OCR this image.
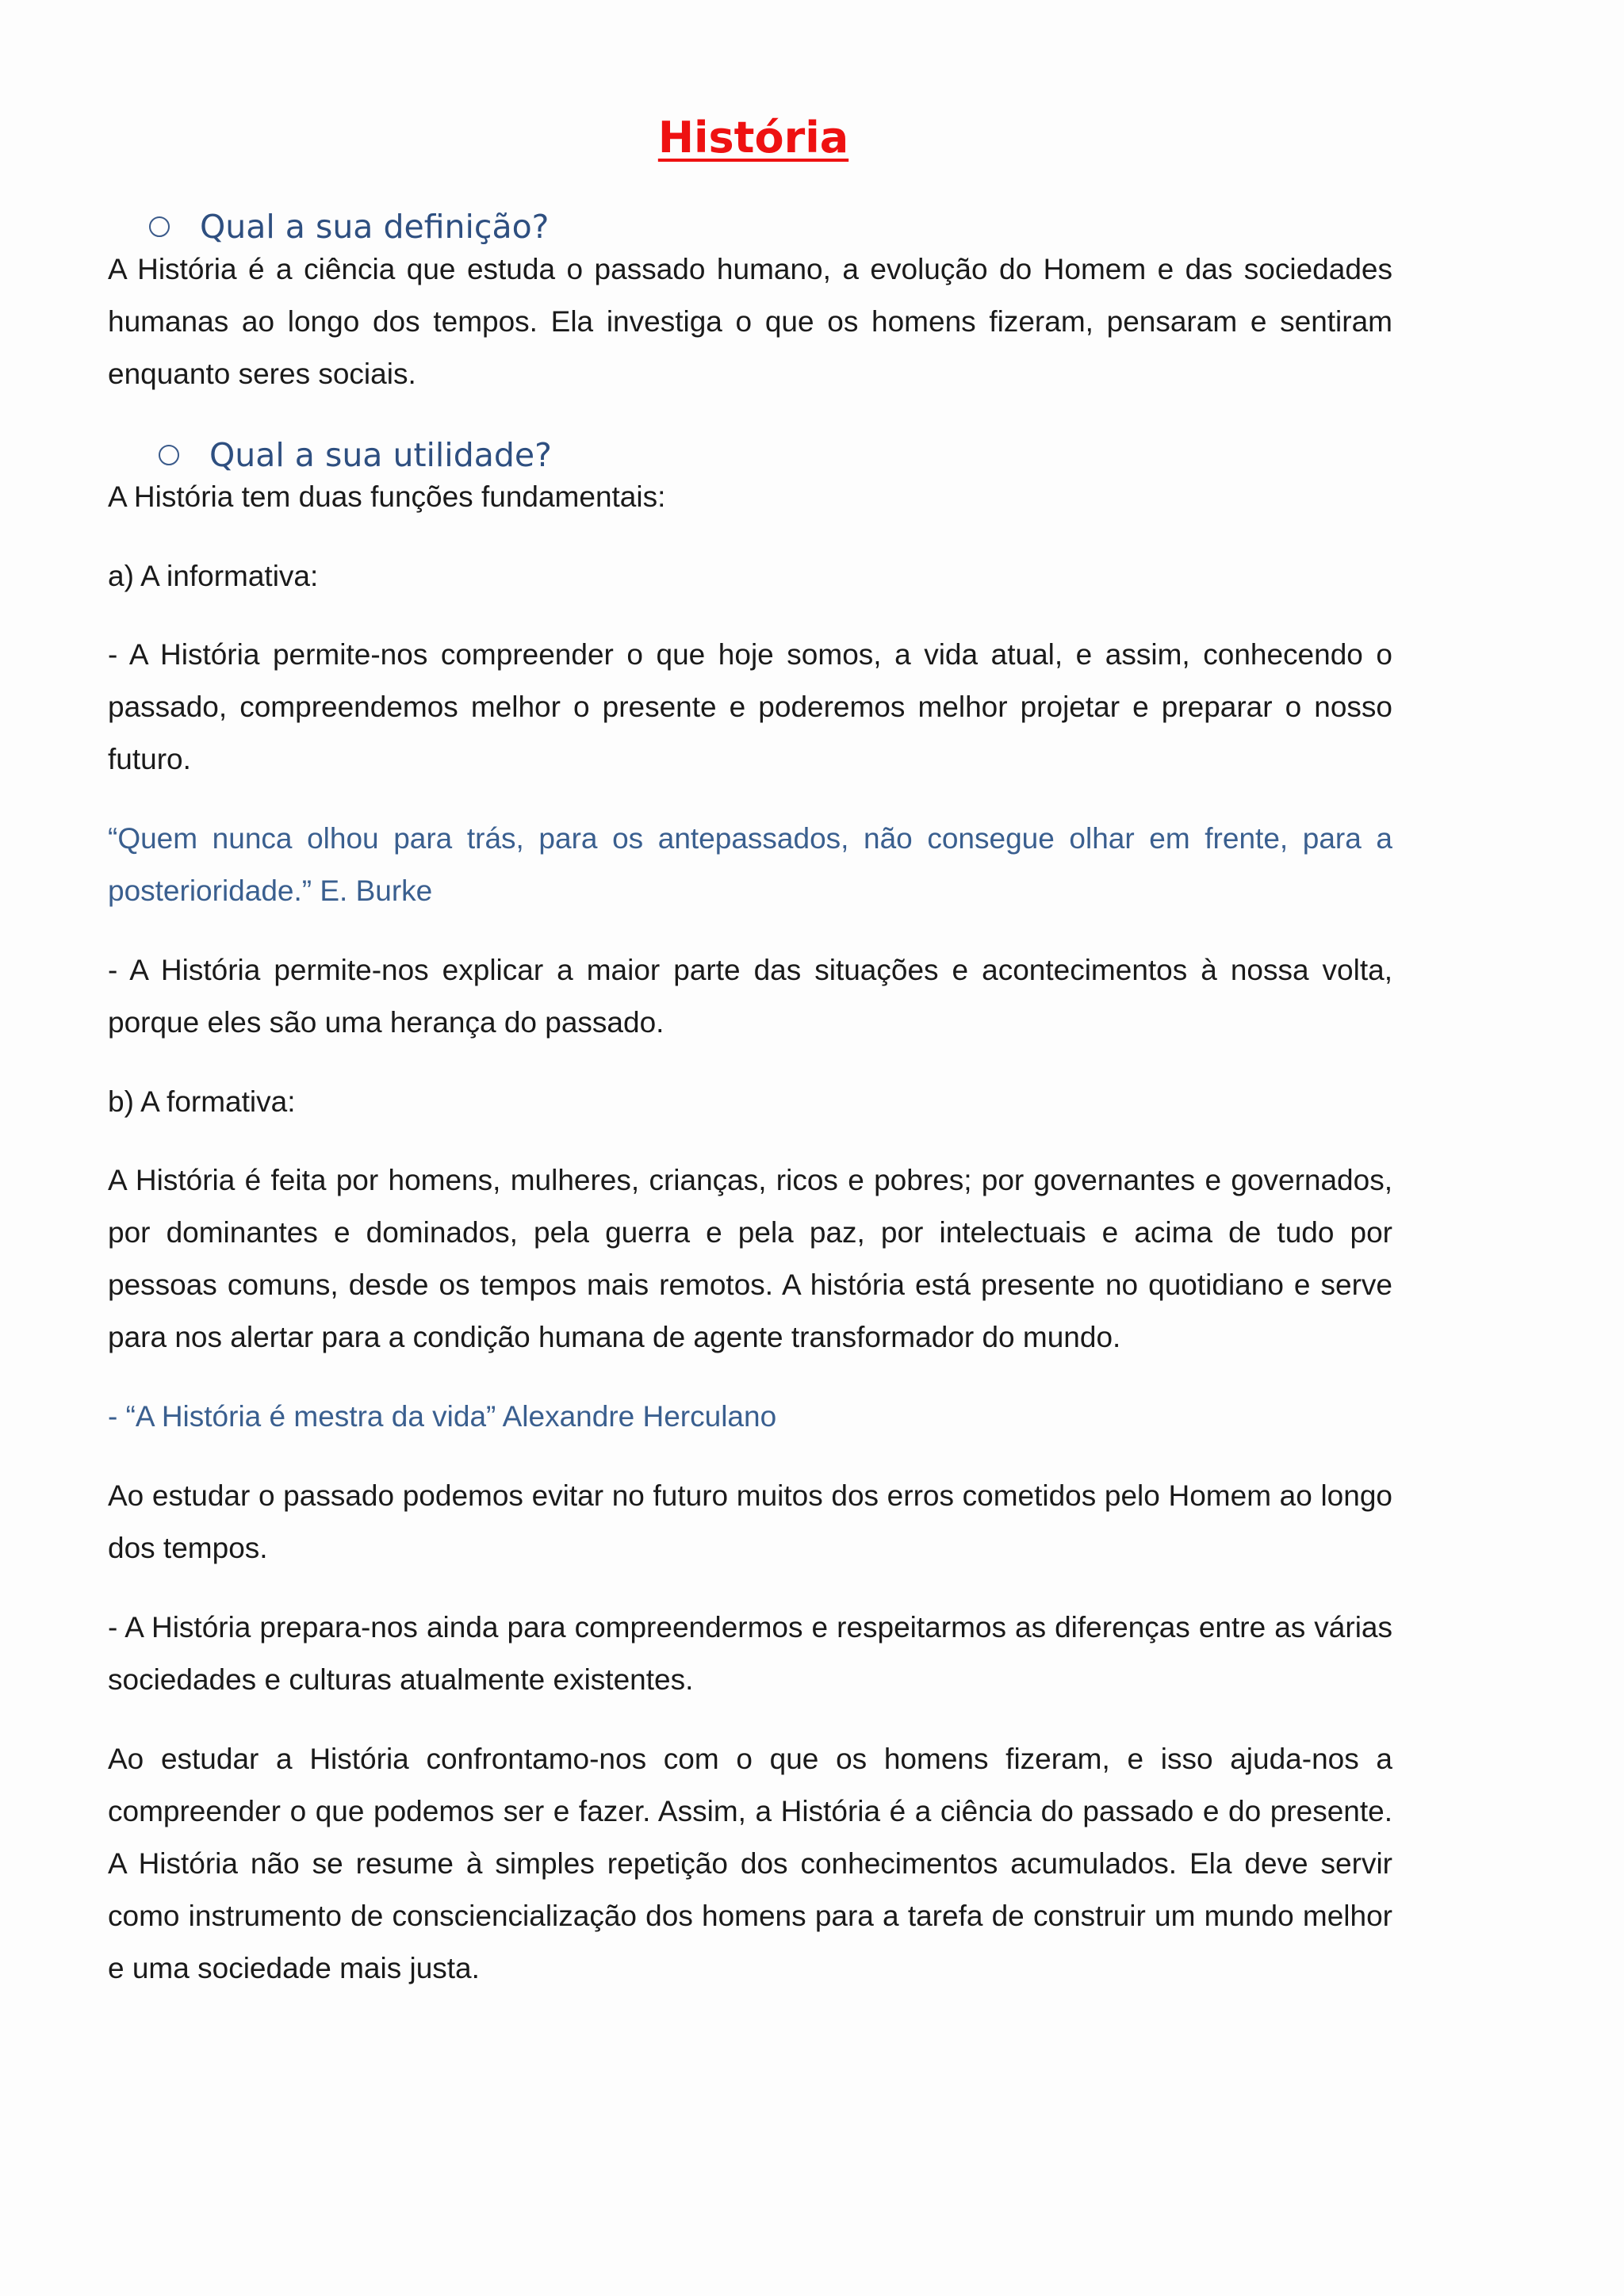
História
Qual a sua definição?

A História é a ciência que estuda o passado humano, a evolução do Homem e das sociedades humanas ao longo dos tempos. Ela investiga o que os homens fizeram, pensaram e sentiram enquanto seres sociais.

Qual a sua utilidade?

A História tem duas funções fundamentais:

a) A informativa:

- A História permite-nos compreender o que hoje somos, a vida atual, e assim, conhecendo o passado, compreendemos melhor o presente e poderemos melhor projetar e preparar o nosso futuro.

“Quem nunca olhou para trás, para os antepassados, não consegue olhar em frente, para a posterioridade.” E. Burke

- A História permite-nos explicar a maior parte das situações e acontecimentos à nossa volta, porque eles são uma herança do passado.

b) A formativa:

A História é feita por homens, mulheres, crianças, ricos e pobres; por governantes e governados, por dominantes e dominados, pela guerra e pela paz, por intelectuais e acima de tudo por pessoas comuns, desde os tempos mais remotos. A história está presente no quotidiano e serve para nos alertar para a condição humana de agente transformador do mundo.

- “A História é mestra da vida” Alexandre Herculano

Ao estudar o passado podemos evitar no futuro muitos dos erros cometidos pelo Homem ao longo dos tempos.

- A História prepara-nos ainda para compreendermos e respeitarmos as diferenças entre as várias sociedades e culturas atualmente existentes.

Ao estudar a História confrontamo-nos com o que os homens fizeram, e isso ajuda-nos a compreender o que podemos ser e fazer. Assim, a História é a ciência do passado e do presente. A História não se resume à simples repetição dos conhecimentos acumulados. Ela deve servir como instrumento de consciencialização dos homens para a tarefa de construir um mundo melhor e uma sociedade mais justa.
